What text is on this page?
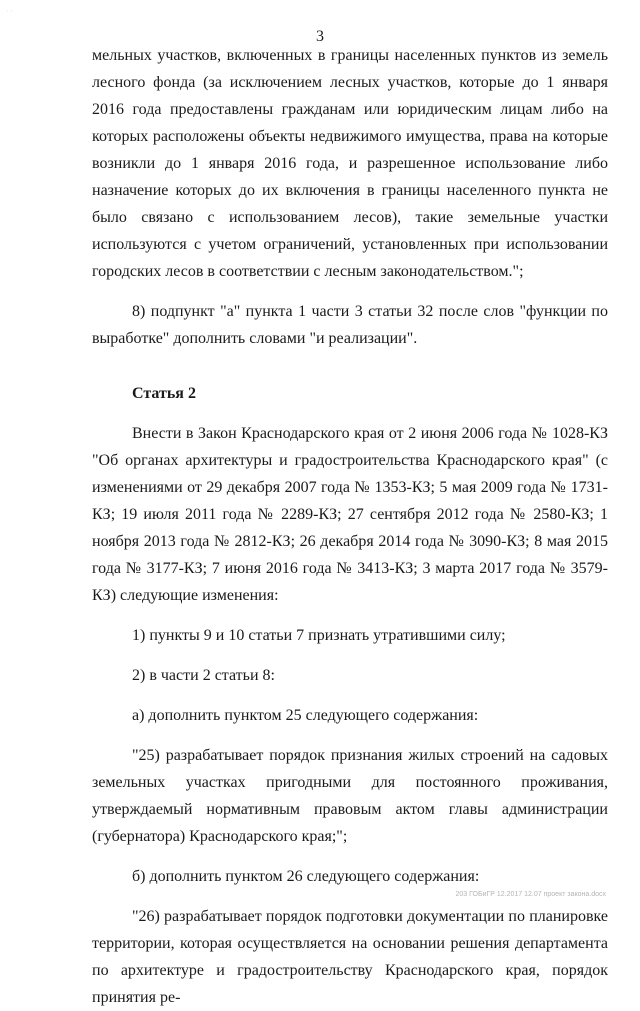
· ·
3

мельных участков, включенных в границы населенных пунктов из земель лесного фонда (за исключением лесных участков, которые до 1 января 2016 года предоставлены гражданам или юридическим лицам либо на которых расположены объекты недвижимого имущества, права на которые возникли до 1 января 2016 года, и разрешенное использование либо назначение которых до их включения в границы населенного пункта не было связано с использованием лесов), такие земельные участки используются с учетом ограничений, установленных при использовании городских лесов в соответствии с лесным законодательством.";

8) подпункт "а" пункта 1 части 3 статьи 32 после слов "функции по выработке" дополнить словами "и реализации".

Статья 2

Внести в Закон Краснодарского края от 2 июня 2006 года № 1028-КЗ "Об органах архитектуры и градостроительства Краснодарского края" (с изменениями от 29 декабря 2007 года № 1353-КЗ; 5 мая 2009 года № 1731-КЗ; 19 июля 2011 года № 2289-КЗ; 27 сентября 2012 года № 2580-КЗ; 1 ноября 2013 года № 2812-КЗ; 26 декабря 2014 года № 3090-КЗ; 8 мая 2015 года № 3177-КЗ; 7 июня 2016 года № 3413-КЗ; 3 марта 2017 года № 3579-КЗ) следующие изменения:

1) пункты 9 и 10 статьи 7 признать утратившими силу;

2) в части 2 статьи 8:

а) дополнить пунктом 25 следующего содержания:

"25) разрабатывает порядок признания жилых строений на садовых земельных участках пригодными для постоянного проживания, утверждаемый нормативным правовым актом главы администрации (губернатора) Краснодарского края;";

б) дополнить пунктом 26 следующего содержания:

"26) разрабатывает порядок подготовки документации по планировке территории, которая осуществляется на основании решения департамента по архитектуре и градостроительству Краснодарского края, порядок принятия ре-

203 ГОБиГР 12.2017 12.07 проект закона.docx
